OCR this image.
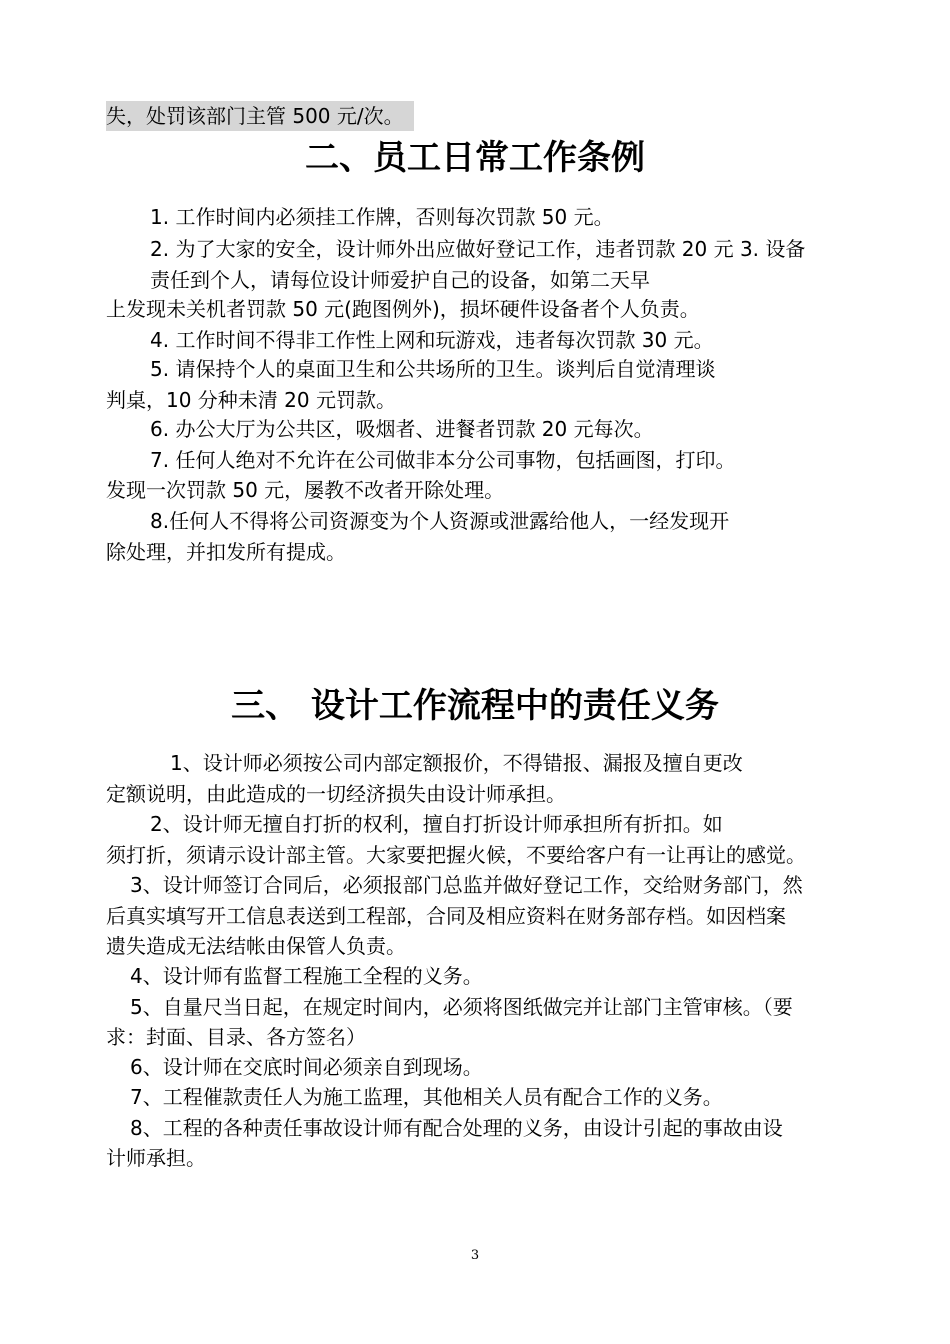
失，处罚该部门主管 500 元/次。
二、员工日常工作条例
1. 工作时间内必须挂工作牌，否则每次罚款 50 元。
2. 为了大家的安全，设计师外出应做好登记工作，违者罚款 20 元 3. 设备
责任到个人，请每位设计师爱护自己的设备，如第二天早
上发现未关机者罚款 50 元(跑图例外)，损坏硬件设备者个人负责。
4. 工作时间不得非工作性上网和玩游戏，违者每次罚款 30 元。
5. 请保持个人的桌面卫生和公共场所的卫生。谈判后自觉清理谈
判桌，10 分种未清 20 元罚款。
6. 办公大厅为公共区，吸烟者、进餐者罚款 20 元每次。
7. 任何人绝对不允许在公司做非本分公司事物，包括画图，打印。
发现一次罚款 50 元，屡教不改者开除处理。
8.任何人不得将公司资源变为个人资源或泄露给他人，一经发现开
除处理，并扣发所有提成。
三、 设计工作流程中的责任义务
1、设计师必须按公司内部定额报价，不得错报、漏报及擅自更改
定额说明，由此造成的一切经济损失由设计师承担。
2、设计师无擅自打折的权利，擅自打折设计师承担所有折扣。如
须打折，须请示设计部主管。大家要把握火候，不要给客户有一让再让的感觉。
3、设计师签订合同后，必须报部门总监并做好登记工作，交给财务部门，然
后真实填写开工信息表送到工程部，合同及相应资料在财务部存档。如因档案
遗失造成无法结帐由保管人负责。
4、设计师有监督工程施工全程的义务。
5、自量尺当日起，在规定时间内，必须将图纸做完并让部门主管审核。（要
求：封面、目录、各方签名）
6、设计师在交底时间必须亲自到现场。
7、工程催款责任人为施工监理，其他相关人员有配合工作的义务。
8、工程的各种责任事故设计师有配合处理的义务，由设计引起的事故由设
计师承担。
3
